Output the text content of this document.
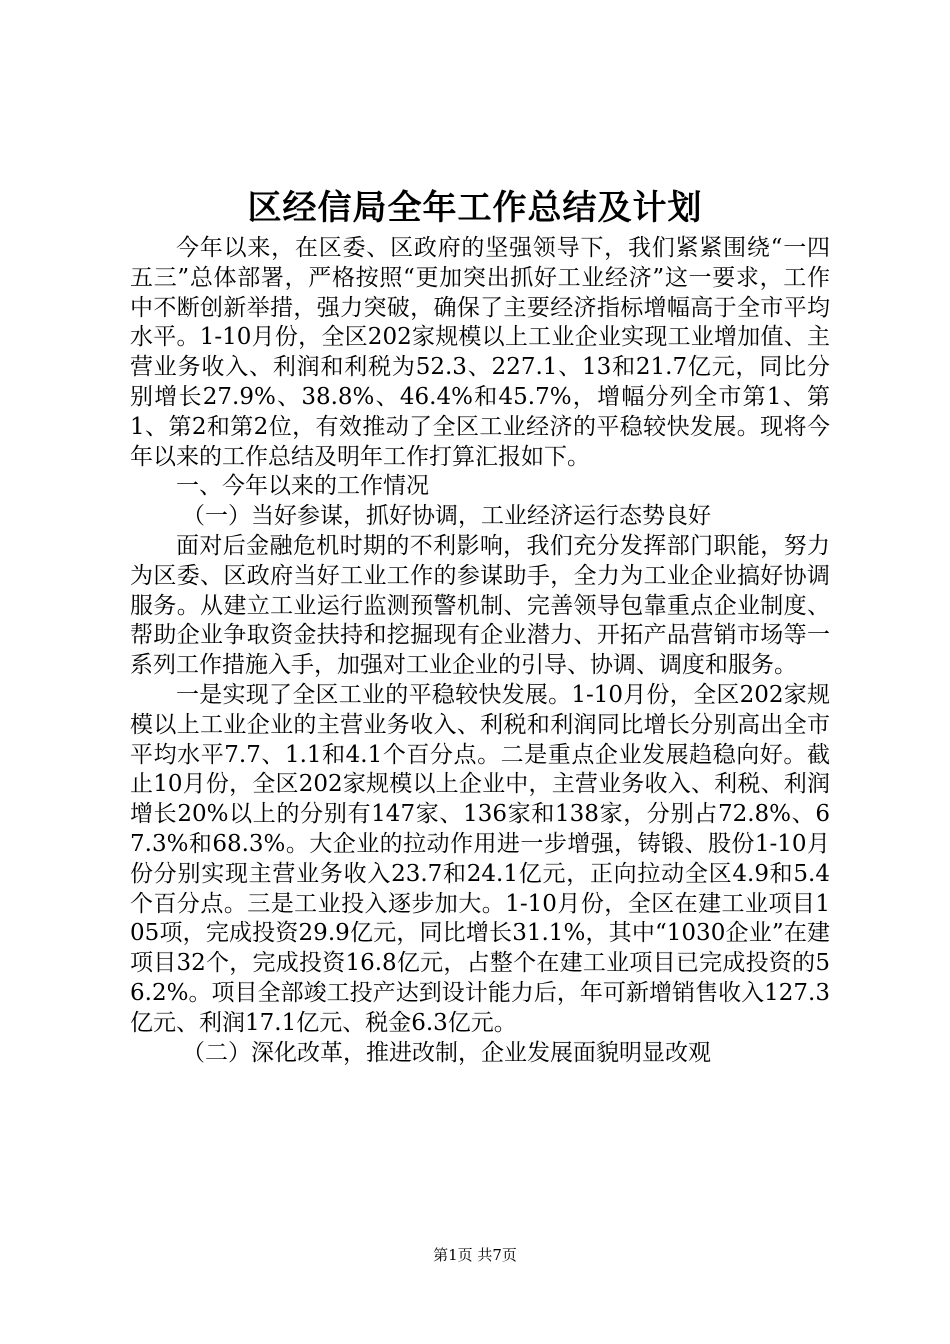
区经信局全年工作总结及计划

今年以来，在区委、区政府的坚强领导下，我们紧紧围绕“一四五三”总体部署，严格按照“更加突出抓好工业经济”这一要求，工作中不断创新举措，强力突破，确保了主要经济指标增幅高于全市平均水平。1-10月份，全区202家规模以上工业企业实现工业增加值、主营业务收入、利润和利税为52.3、227.1、13和21.7亿元，同比分别增长27.9%、38.8%、46.4%和45.7%，增幅分列全市第1、第1、第2和第2位，有效推动了全区工业经济的平稳较快发展。现将今年以来的工作总结及明年工作打算汇报如下。

一、今年以来的工作情况

（一）当好参谋，抓好协调，工业经济运行态势良好

面对后金融危机时期的不利影响，我们充分发挥部门职能，努力为区委、区政府当好工业工作的参谋助手，全力为工业企业搞好协调服务。从建立工业运行监测预警机制、完善领导包靠重点企业制度、帮助企业争取资金扶持和挖掘现有企业潜力、开拓产品营销市场等一系列工作措施入手，加强对工业企业的引导、协调、调度和服务。

一是实现了全区工业的平稳较快发展。1-10月份，全区202家规模以上工业企业的主营业务收入、利税和利润同比增长分别高出全市平均水平7.7、1.1和4.1个百分点。二是重点企业发展趋稳向好。截止10月份，全区202家规模以上企业中，主营业务收入、利税、利润增长20%以上的分别有147家、136家和138家，分别占72.8%、67.3%和68.3%。大企业的拉动作用进一步增强，铸锻、股份1-10月份分别实现主营业务收入23.7和24.1亿元，正向拉动全区4.9和5.4个百分点。三是工业投入逐步加大。1-10月份，全区在建工业项目105项，完成投资29.9亿元，同比增长31.1%，其中“1030企业”在建项目32个，完成投资16.8亿元，占整个在建工业项目已完成投资的56.2%。项目全部竣工投产达到设计能力后，年可新增销售收入127.3亿元、利润17.1亿元、税金6.3亿元。

（二）深化改革，推进改制，企业发展面貌明显改观

第1页 共7页
